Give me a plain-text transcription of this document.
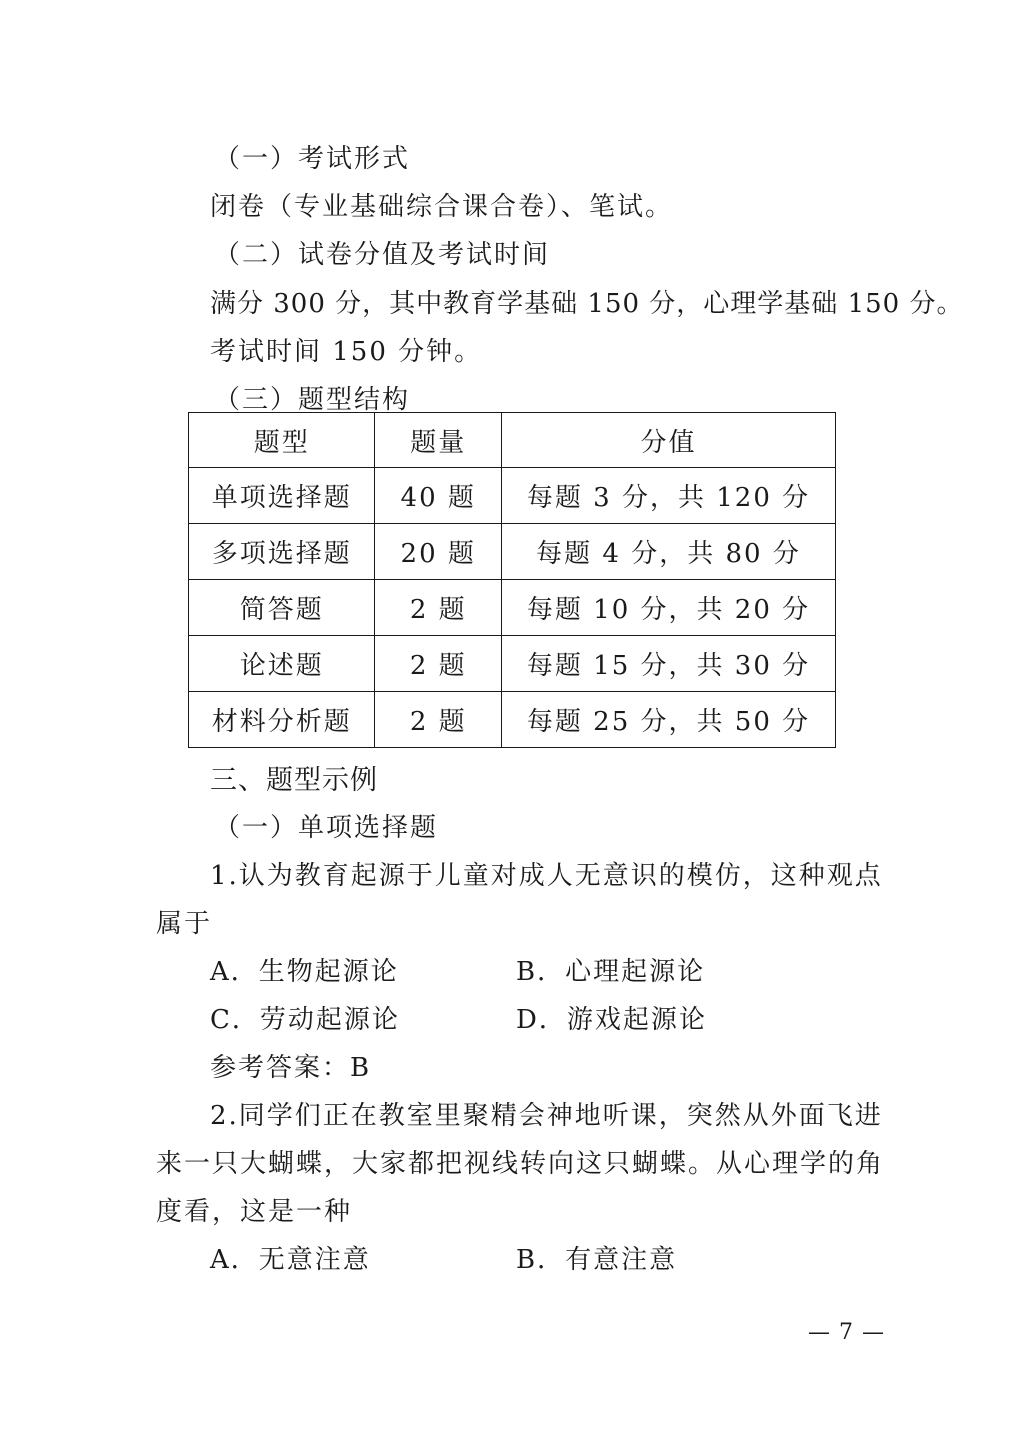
（一）考试形式
闭卷（专业基础综合课合卷）、笔试。
（二）试卷分值及考试时间
满分 300 分，其中教育学基础 150 分，心理学基础 150 分。
考试时间 150 分钟。
（三）题型结构
题型	题量	分值
单项选择题	40 题	每题 3 分，共 120 分
多项选择题	20 题	每题 4 分，共 80 分
简答题	2 题	每题 10 分，共 20 分
论述题	2 题	每题 15 分，共 30 分
材料分析题	2 题	每题 25 分，共 50 分
三、题型示例
（一）单项选择题
1.认为教育起源于儿童对成人无意识的模仿，这种观点
属于
A．生物起源论	B．心理起源论
C．劳动起源论	D．游戏起源论
参考答案：B
2.同学们正在教室里聚精会神地听课，突然从外面飞进
来一只大蝴蝶，大家都把视线转向这只蝴蝶。从心理学的角
度看，这是一种
A．无意注意	B．有意注意
— 7 —
